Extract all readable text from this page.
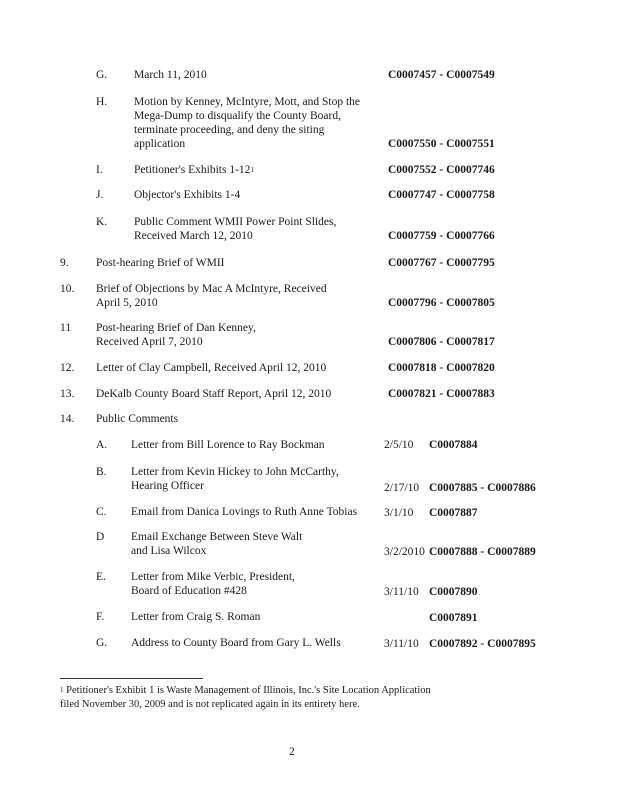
G. March 11, 2010	C0007457 - C0007549
H. Motion by Kenney, McIntyre, Mott, and Stop the
Mega-Dump to disqualify the County Board,
terminate proceeding, and deny the siting
application	C0007550 - C0007551
I.	Petitioner's Exhibits $1-12^1$	C0007552 - C0007746
J.	Objector's Exhibits 1-4	C0007747 - C0007758
K. Public Comment WMII Power Point Slides,
Received March 12, 2010	C0007759 - C0007766
9. Post-hearing Brief of WMII	C0007767 - C0007795
10. Brief of Objections by Mac A McIntyre, Received
April 5, 2010	C0007796 - C0007805
11 Post-hearing Brief of Dan Kenney,
Received April 7, 2010	C0007806 - C0007817
12. Letter of Clay Campbell, Received April 12, 2010	C0007818 - C0007820
13. DeKalb County Board Staff Report, April 12, 2010	C0007821 - C0007883
14. Public Comments
A. Letter from Bill Lorence to Ray Bockman	2/5/10 C0007884
B. Letter from Kevin Hickey to John McCarthy,
Hearing Officer	2/17/10 C0007885 - C0007886
C. Email from Danica Lovings to Ruth Anne Tobias 3/1/10 C0007887
D Email Exchange Between Steve Walt
and Lisa Wilcox	3/2/2010 C0007888 - C0007889
E. Letter from Mike Verbic, President,
Board of Education #428	3/11/10 C0007890
F. Letter from Craig S. Roman	C0007891
G. Address to County Board from Gary L. Wells	3/11/10 C0007892 - C0007895
$^1$ Petitioner's Exhibit 1 is Waste Management of Illinois, Inc.'s Site Location Application
filed November 30, 2009 and is not replicated again in its entirety here.
2
